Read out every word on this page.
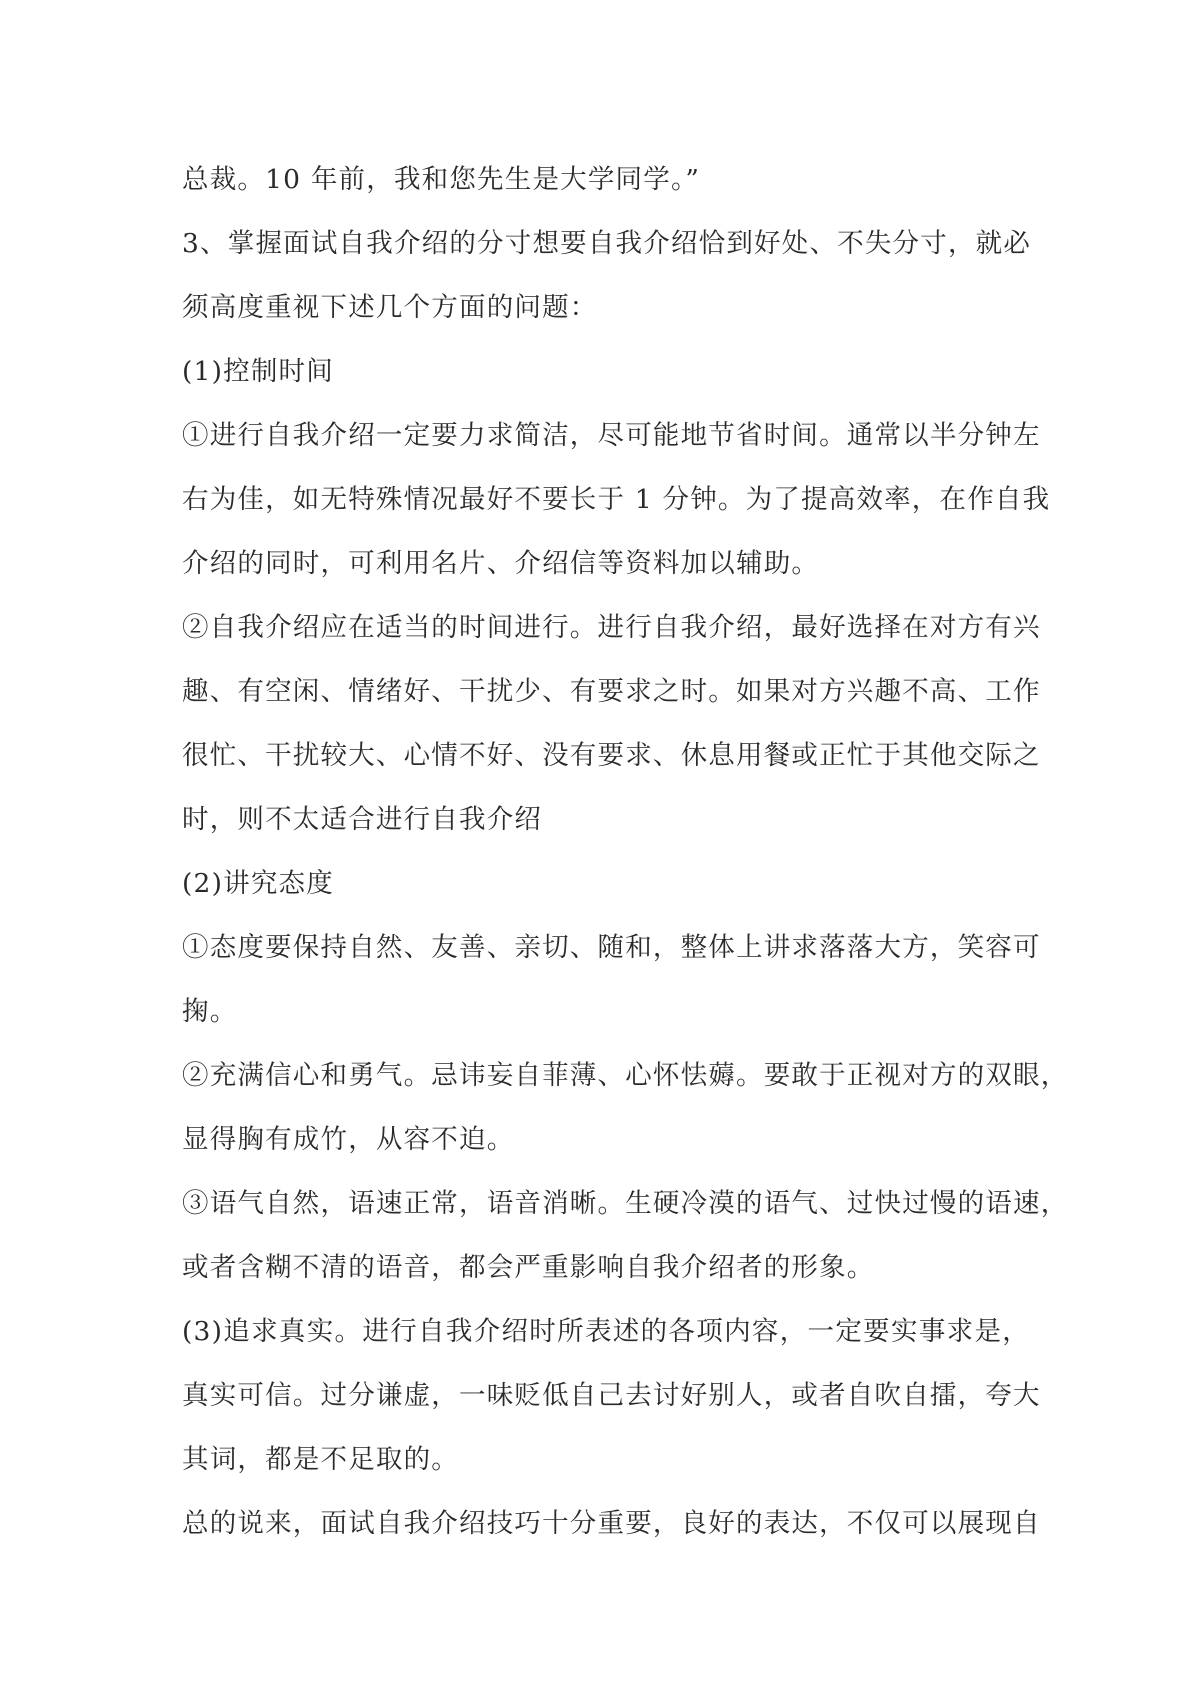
总裁。10 年前，我和您先生是大学同学。”
3、掌握面试自我介绍的分寸想要自我介绍恰到好处、不失分寸，就必
须高度重视下述几个方面的问题：
(1)控制时间
①进行自我介绍一定要力求简洁，尽可能地节省时间。通常以半分钟左
右为佳，如无特殊情况最好不要长于 1 分钟。为了提高效率，在作自我
介绍的同时，可利用名片、介绍信等资料加以辅助。
②自我介绍应在适当的时间进行。进行自我介绍，最好选择在对方有兴
趣、有空闲、情绪好、干扰少、有要求之时。如果对方兴趣不高、工作
很忙、干扰较大、心情不好、没有要求、休息用餐或正忙于其他交际之
时，则不太适合进行自我介绍
(2)讲究态度
①态度要保持自然、友善、亲切、随和，整体上讲求落落大方，笑容可
掬。
②充满信心和勇气。忌讳妄自菲薄、心怀怯薅。要敢于正视对方的双眼，
显得胸有成竹，从容不迫。
③语气自然，语速正常，语音消晰。生硬冷漠的语气、过快过慢的语速，
或者含糊不清的语音，都会严重影响自我介绍者的形象。
(3)追求真实。进行自我介绍时所表述的各项内容，一定要实事求是，
真实可信。过分谦虚，一味贬低自己去讨好别人，或者自吹自擂，夸大
其词，都是不足取的。
总的说来，面试自我介绍技巧十分重要，良好的表达，不仅可以展现自
